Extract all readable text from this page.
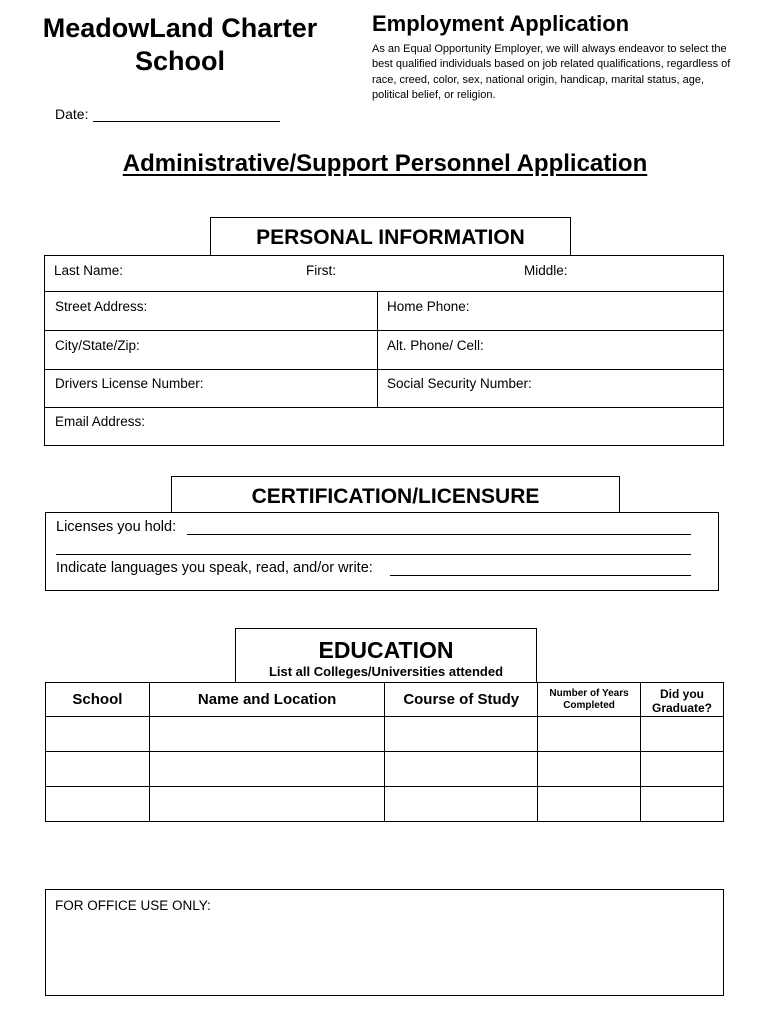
MeadowLand Charter
School
Employment Application
As an Equal Opportunity Employer, we will always endeavor to select the best qualified individuals based on job related qualifications, regardless of race, creed, color, sex, national origin, handicap, marital status, age, political belief, or religion.
Date:
Administrative/Support Personnel Application
PERSONAL INFORMATION
Last Name:	First:	Middle:
Street Address:	Home Phone:
City/State/Zip:	Alt. Phone/ Cell:
Drivers License Number:	Social Security Number:
Email Address:
CERTIFICATION/LICENSURE
Licenses you hold:
Indicate languages you speak, read, and/or write:
EDUCATION
List all Colleges/Universities attended
School	Name and Location	Course of Study	Number of Years Completed	Did you Graduate?

FOR OFFICE USE ONLY:
